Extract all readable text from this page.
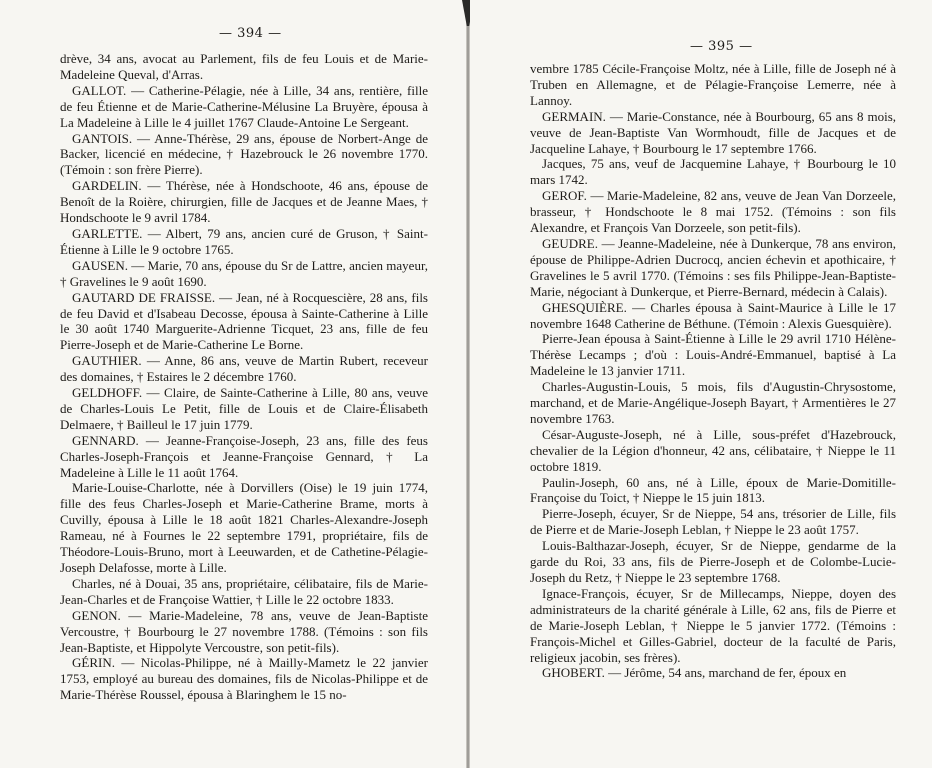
— 394 —

drève, 34 ans, avocat au Parlement, fils de feu Louis et de Marie-Madeleine Queval, d'Arras.

GALLOT. — Catherine-Pélagie, née à Lille, 34 ans, rentière, fille de feu Étienne et de Marie-Catherine-Mélusine La Bruyère, épousa à La Madeleine à Lille le 4 juillet 1767 Claude-Antoine Le Sergeant.

GANTOIS. — Anne-Thérèse, 29 ans, épouse de Norbert-Ange de Backer, licencié en médecine, † Hazebrouck le 26 novembre 1770. (Témoin : son frère Pierre).

GARDELIN. — Thérèse, née à Hondschoote, 46 ans, épouse de Benoît de la Roière, chirurgien, fille de Jacques et de Jeanne Maes, † Hondschoote le 9 avril 1784.

GARLETTE. — Albert, 79 ans, ancien curé de Gruson, † Saint-Étienne à Lille le 9 octobre 1765.

GAUSEN. — Marie, 70 ans, épouse du Sr de Lattre, ancien mayeur, † Gravelines le 9 août 1690.

GAUTARD DE FRAISSE. — Jean, né à Rocquescière, 28 ans, fils de feu David et d'Isabeau Decosse, épousa à Sainte-Catherine à Lille le 30 août 1740 Marguerite-Adrienne Ticquet, 23 ans, fille de feu Pierre-Joseph et de Marie-Catherine Le Borne.

GAUTHIER. — Anne, 86 ans, veuve de Martin Rubert, receveur des domaines, † Estaires le 2 décembre 1760.

GELDHOFF. — Claire, de Sainte-Catherine à Lille, 80 ans, veuve de Charles-Louis Le Petit, fille de Louis et de Claire-Élisabeth Delmaere, † Bailleul le 17 juin 1779.

GENNARD. — Jeanne-Françoise-Joseph, 23 ans, fille des feus Charles-Joseph-François et Jeanne-Françoise Gennard, † La Madeleine à Lille le 11 août 1764.

Marie-Louise-Charlotte, née à Dorvillers (Oise) le 19 juin 1774, fille des feus Charles-Joseph et Marie-Catherine Brame, morts à Cuvilly, épousa à Lille le 18 août 1821 Charles-Alexandre-Joseph Rameau, né à Fournes le 22 septembre 1791, propriétaire, fils de Théodore-Louis-Bruno, mort à Leeuwarden, et de Cathetine-Pélagie-Joseph Delafosse, morte à Lille.

Charles, né à Douai, 35 ans, propriétaire, célibataire, fils de Marie-Jean-Charles et de Françoise Wattier, † Lille le 22 octobre 1833.

GENON. — Marie-Madeleine, 78 ans, veuve de Jean-Baptiste Vercoustre, † Bourbourg le 27 novembre 1788. (Témoins : son fils Jean-Baptiste, et Hippolyte Vercoustre, son petit-fils).

GÉRIN. — Nicolas-Philippe, né à Mailly-Mametz le 22 janvier 1753, employé au bureau des domaines, fils de Nicolas-Philippe et de Marie-Thérèse Roussel, épousa à Blaringhem le 15 no-

— 395 —

vembre 1785 Cécile-Françoise Moltz, née à Lille, fille de Joseph né à Truben en Allemagne, et de Pélagie-Françoise Lemerre, née à Lannoy.

GERMAIN. — Marie-Constance, née à Bourbourg, 65 ans 8 mois, veuve de Jean-Baptiste Van Wormhoudt, fille de Jacques et de Jacqueline Lahaye, † Bourbourg le 17 septembre 1766.

Jacques, 75 ans, veuf de Jacquemine Lahaye, † Bourbourg le 10 mars 1742.

GEROF. — Marie-Madeleine, 82 ans, veuve de Jean Van Dorzeele, brasseur, † Hondschoote le 8 mai 1752. (Témoins : son fils Alexandre, et François Van Dorzeele, son petit-fils).

GEUDRE. — Jeanne-Madeleine, née à Dunkerque, 78 ans environ, épouse de Philippe-Adrien Ducrocq, ancien échevin et apothicaire, † Gravelines le 5 avril 1770. (Témoins : ses fils Philippe-Jean-Baptiste-Marie, négociant à Dunkerque, et Pierre-Bernard, médecin à Calais).

GHESQUIÈRE. — Charles épousa à Saint-Maurice à Lille le 17 novembre 1648 Catherine de Béthune. (Témoin : Alexis Guesquière).

Pierre-Jean épousa à Saint-Étienne à Lille le 29 avril 1710 Hélène-Thérèse Lecamps ; d'où : Louis-André-Emmanuel, baptisé à La Madeleine le 13 janvier 1711.

Charles-Augustin-Louis, 5 mois, fils d'Augustin-Chrysostome, marchand, et de Marie-Angélique-Joseph Bayart, † Armentières le 27 novembre 1763.

César-Auguste-Joseph, né à Lille, sous-préfet d'Hazebrouck, chevalier de la Légion d'honneur, 42 ans, célibataire, † Nieppe le 11 octobre 1819.

Paulin-Joseph, 60 ans, né à Lille, époux de Marie-Domitille-Françoise du Toict, † Nieppe le 15 juin 1813.

Pierre-Joseph, écuyer, Sr de Nieppe, 54 ans, trésorier de Lille, fils de Pierre et de Marie-Joseph Leblan, † Nieppe le 23 août 1757.

Louis-Balthazar-Joseph, écuyer, Sr de Nieppe, gendarme de la garde du Roi, 33 ans, fils de Pierre-Joseph et de Colombe-Lucie-Joseph du Retz, † Nieppe le 23 septembre 1768.

Ignace-François, écuyer, Sr de Millecamps, Nieppe, doyen des administrateurs de la charité générale à Lille, 62 ans, fils de Pierre et de Marie-Joseph Leblan, † Nieppe le 5 janvier 1772. (Témoins : François-Michel et Gilles-Gabriel, docteur de la faculté de Paris, religieux jacobin, ses frères).

GHOBERT. — Jérôme, 54 ans, marchand de fer, époux en
